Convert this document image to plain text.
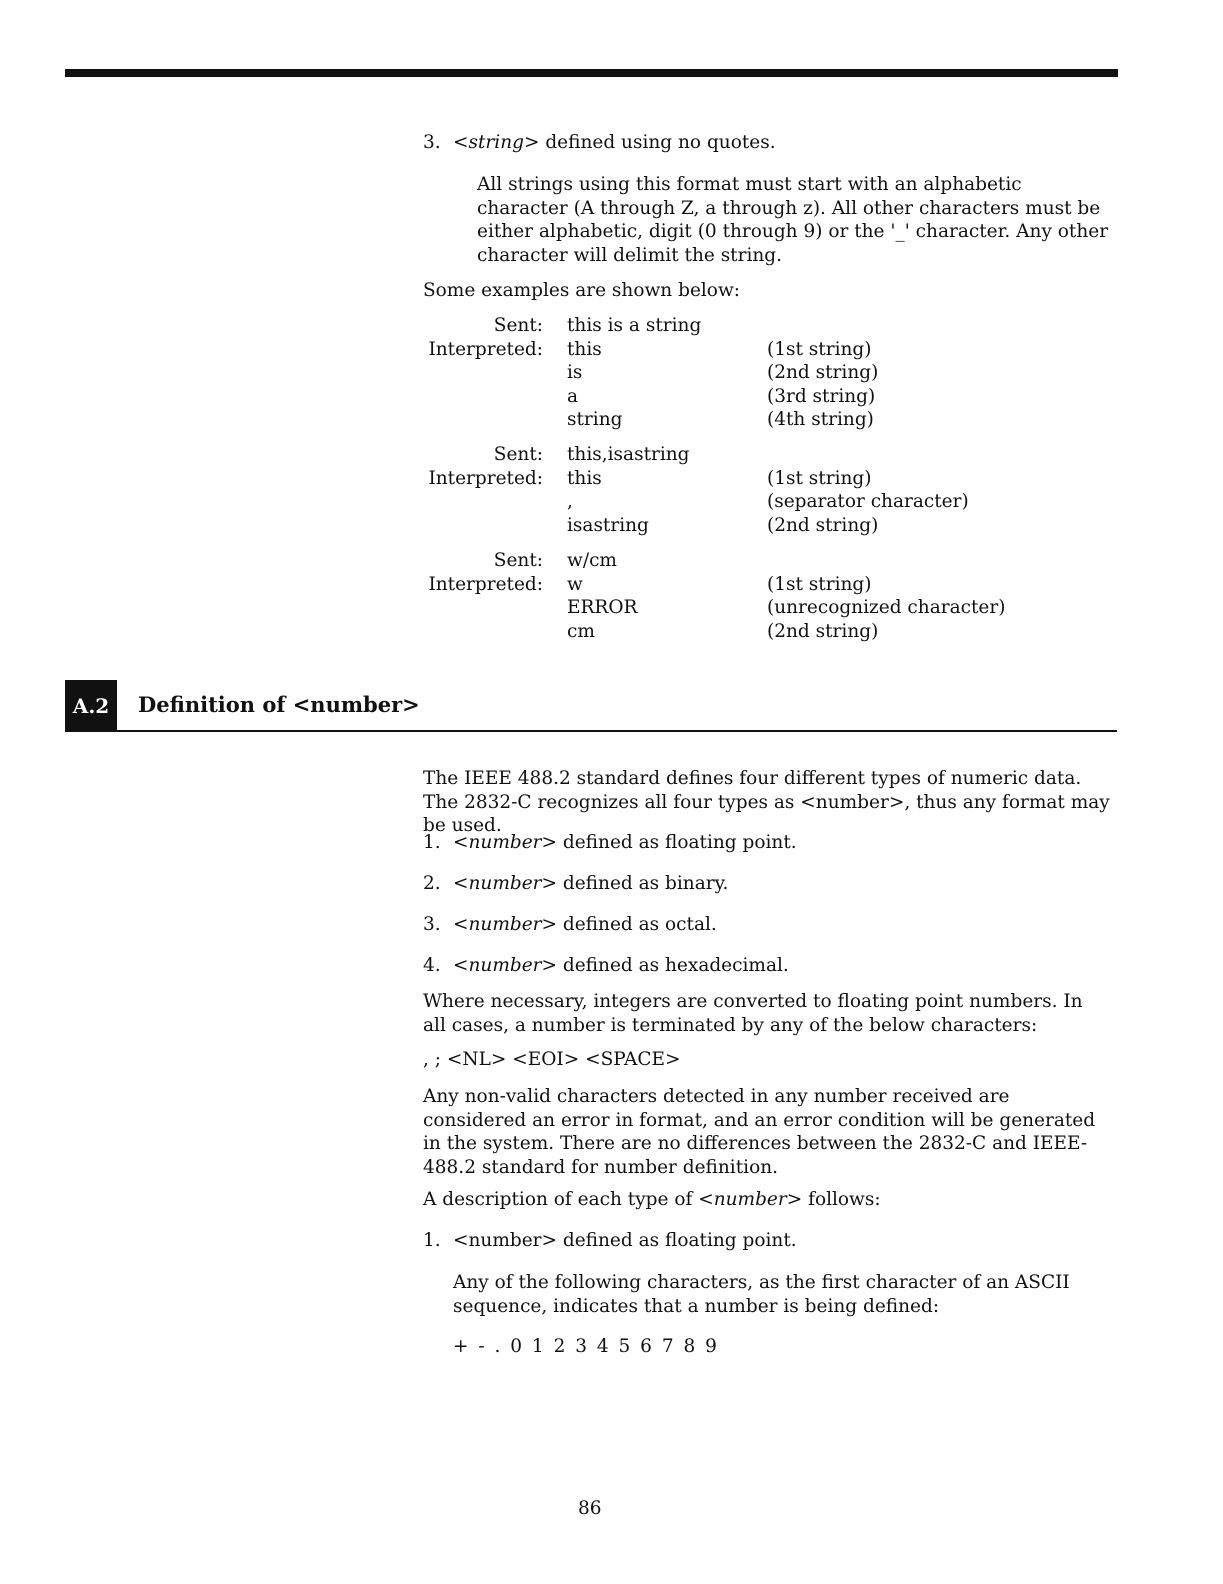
3. <string> defined using no quotes.
All strings using this format must start with an alphabetic character (A through Z, a through z). All other characters must be either alphabetic, digit (0 through 9) or the '_' character. Any other character will delimit the string.
Some examples are shown below:
Sent: this is a string
Interpreted: this	(1st string)
is	(2nd string)
a	(3rd string)
string	(4th string)
Sent: this,isastring
Interpreted: this	(1st string)
,	(separator character)
isastring	(2nd string)
Sent: w/cm
Interpreted: w	(1st string)
ERROR	(unrecognized character)
cm	(2nd string)
A.2	Definition of <number>
The IEEE 488.2 standard defines four different types of numeric data. The 2832-C recognizes all four types as <number>, thus any format may be used.
1. <number> defined as floating point.
2. <number> defined as binary.
3. <number> defined as octal.
4. <number> defined as hexadecimal.
Where necessary, integers are converted to floating point numbers. In all cases, a number is terminated by any of the below characters:
, ; <NL> <EOI> <SPACE>
Any non-valid characters detected in any number received are considered an error in format, and an error condition will be generated in the system. There are no differences between the 2832-C and IEEE-488.2 standard for number definition.
A description of each type of <number> follows:
1. <number> defined as floating point.
Any of the following characters, as the first character of an ASCII sequence, indicates that a number is being defined:
+ - . 0 1 2 3 4 5 6 7 8 9
86
